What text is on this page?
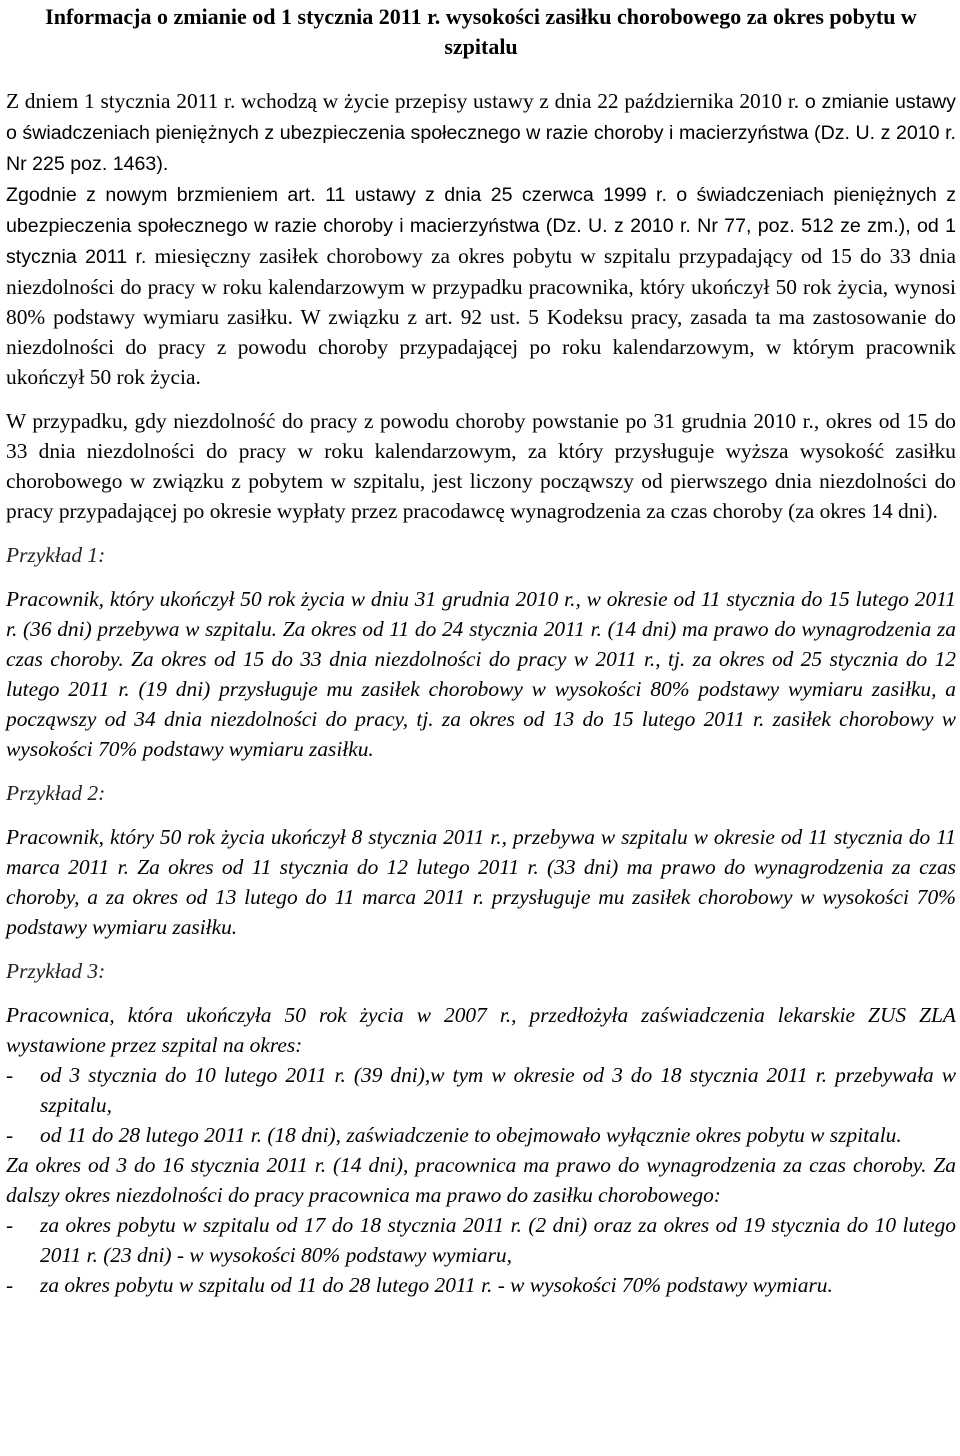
Informacja o zmianie od 1 stycznia 2011 r. wysokości zasiłku chorobowego za okres pobytu w szpitalu

Z dniem 1 stycznia 2011 r. wchodzą w życie przepisy ustawy z dnia 22 października 2010 r. o zmianie ustawy o świadczeniach pieniężnych z ubezpieczenia społecznego w razie choroby i macierzyństwa (Dz. U. z 2010 r. Nr 225 poz. 1463).

Zgodnie z nowym brzmieniem art. 11 ustawy z dnia 25 czerwca 1999 r. o świadczeniach pieniężnych z ubezpieczenia społecznego w razie choroby i macierzyństwa (Dz. U. z 2010 r. Nr 77, poz. 512 ze zm.), od 1 stycznia 2011 r. miesięczny zasiłek chorobowy za okres pobytu w szpitalu przypadający od 15 do 33 dnia niezdolności do pracy w roku kalendarzowym w przypadku pracownika, który ukończył 50 rok życia, wynosi 80% podstawy wymiaru zasiłku. W związku z art. 92 ust. 5 Kodeksu pracy, zasada ta ma zastosowanie do niezdolności do pracy z powodu choroby przypadającej po roku kalendarzowym, w którym pracownik ukończył 50 rok życia.

W przypadku, gdy niezdolność do pracy z powodu choroby powstanie po 31 grudnia 2010 r., okres od 15 do 33 dnia niezdolności do pracy w roku kalendarzowym, za który przysługuje wyższa wysokość zasiłku chorobowego w związku z pobytem w szpitalu, jest liczony począwszy od pierwszego dnia niezdolności do pracy przypadającej po okresie wypłaty przez pracodawcę wynagrodzenia za czas choroby (za okres 14 dni).

Przykład 1:

Pracownik, który ukończył 50 rok życia w dniu 31 grudnia 2010 r., w okresie od 11 stycznia do 15 lutego 2011 r. (36 dni) przebywa w szpitalu. Za okres od 11 do 24 stycznia 2011 r. (14 dni) ma prawo do wynagrodzenia za czas choroby. Za okres od 15 do 33 dnia niezdolności do pracy w 2011 r., tj. za okres od 25 stycznia do 12 lutego 2011 r. (19 dni) przysługuje mu zasiłek chorobowy w wysokości 80% podstawy wymiaru zasiłku, a począwszy od 34 dnia niezdolności do pracy, tj. za okres od 13 do 15 lutego 2011 r. zasiłek chorobowy w wysokości 70% podstawy wymiaru zasiłku.

Przykład 2:

Pracownik, który 50 rok życia ukończył 8 stycznia 2011 r., przebywa w szpitalu w okresie od 11 stycznia do 11 marca 2011 r. Za okres od 11 stycznia do 12 lutego 2011 r. (33 dni) ma prawo do wynagrodzenia za czas choroby, a za okres od 13 lutego do 11 marca 2011 r. przysługuje mu zasiłek chorobowy w wysokości 70% podstawy wymiaru zasiłku.

Przykład 3:

Pracownica, która ukończyła 50 rok życia w 2007 r., przedłożyła zaświadczenia lekarskie ZUS ZLA wystawione przez szpital na okres:

-	od 3 stycznia do 10 lutego 2011 r. (39 dni),w tym w okresie od 3 do 18 stycznia 2011 r. przebywała w szpitalu,
-	od 11 do 28 lutego 2011 r. (18 dni), zaświadczenie to obejmowało wyłącznie okres pobytu w szpitalu.

Za okres od 3 do 16 stycznia 2011 r. (14 dni), pracownica ma prawo do wynagrodzenia za czas choroby. Za dalszy okres niezdolności do pracy pracownica ma prawo do zasiłku chorobowego:

-	za okres pobytu w szpitalu od 17 do 18 stycznia 2011 r. (2 dni) oraz za okres od 19 stycznia do 10 lutego 2011 r. (23 dni) - w wysokości 80% podstawy wymiaru,
-	za okres pobytu w szpitalu od 11 do 28 lutego 2011 r. - w wysokości 70% podstawy wymiaru.
